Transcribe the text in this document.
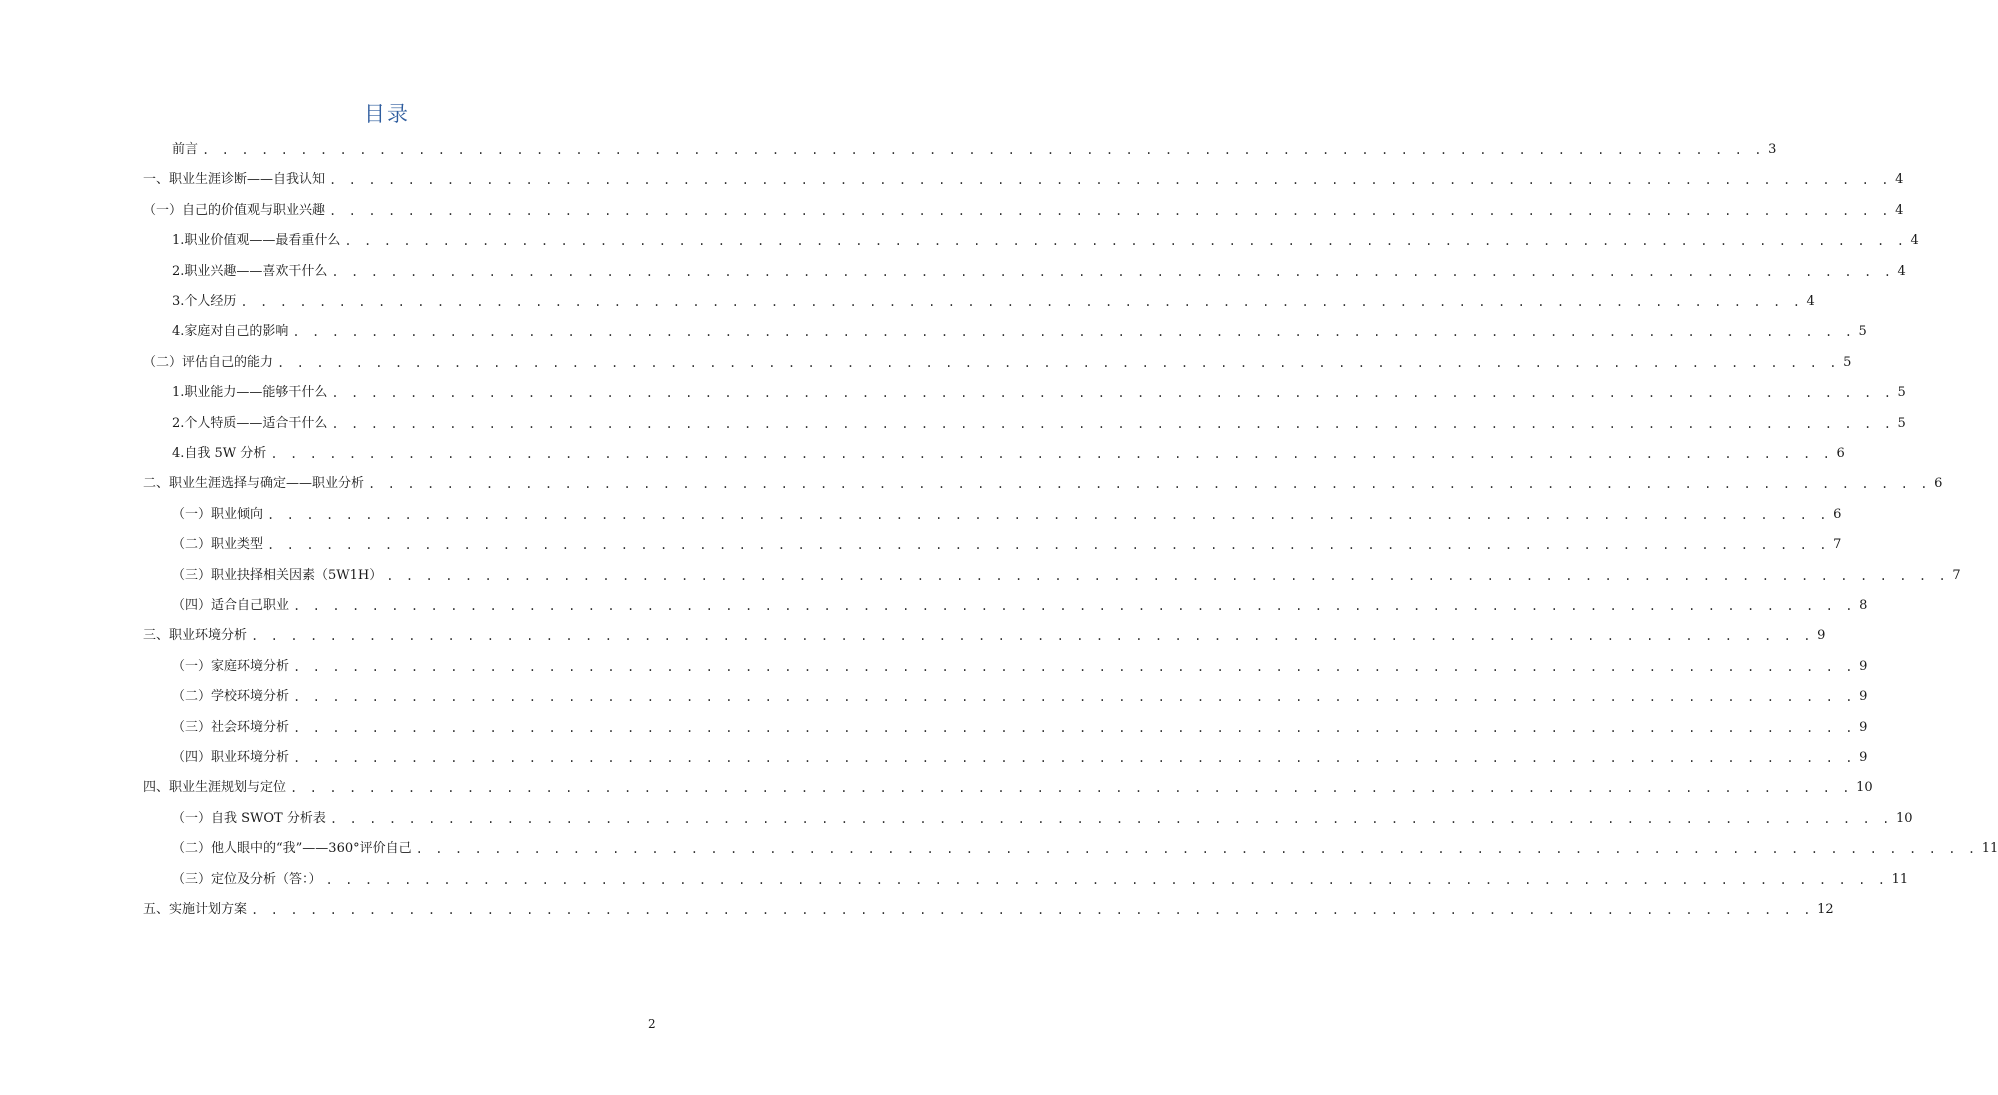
目录
前言 . . . . . . . . . . . . . . . . . . . . . . . . . . . . . . . . . . . . . . . . . . . . . . . . . . . . . . . . . . . . . . . . . . . . . . . . . . . . . . . . 3
一、职业生涯诊断——自我认知 . . . . . . . . . . . . . . . . . . . . . . . . . . . . . . . . . . . . . . . . . . . . . . . . . . . . . . . . . . . . . . . . . . . . . . . . . . . . . . . . 4
（一）自己的价值观与职业兴趣 . . . . . . . . . . . . . . . . . . . . . . . . . . . . . . . . . . . . . . . . . . . . . . . . . . . . . . . . . . . . . . . . . . . . . . . . . . . . . . . . 4
1.职业价值观——最看重什么 . . . . . . . . . . . . . . . . . . . . . . . . . . . . . . . . . . . . . . . . . . . . . . . . . . . . . . . . . . . . . . . . . . . . . . . . . . . . . . . . 4
2.职业兴趣——喜欢干什么 . . . . . . . . . . . . . . . . . . . . . . . . . . . . . . . . . . . . . . . . . . . . . . . . . . . . . . . . . . . . . . . . . . . . . . . . . . . . . . . . 4
3.个人经历 . . . . . . . . . . . . . . . . . . . . . . . . . . . . . . . . . . . . . . . . . . . . . . . . . . . . . . . . . . . . . . . . . . . . . . . . . . . . . . . . 4
4.家庭对自己的影响 . . . . . . . . . . . . . . . . . . . . . . . . . . . . . . . . . . . . . . . . . . . . . . . . . . . . . . . . . . . . . . . . . . . . . . . . . . . . . . . . 5
（二）评估自己的能力 . . . . . . . . . . . . . . . . . . . . . . . . . . . . . . . . . . . . . . . . . . . . . . . . . . . . . . . . . . . . . . . . . . . . . . . . . . . . . . . . 5
1.职业能力——能够干什么 . . . . . . . . . . . . . . . . . . . . . . . . . . . . . . . . . . . . . . . . . . . . . . . . . . . . . . . . . . . . . . . . . . . . . . . . . . . . . . . . 5
2.个人特质——适合干什么 . . . . . . . . . . . . . . . . . . . . . . . . . . . . . . . . . . . . . . . . . . . . . . . . . . . . . . . . . . . . . . . . . . . . . . . . . . . . . . . . 5
4.自我 5W 分析 . . . . . . . . . . . . . . . . . . . . . . . . . . . . . . . . . . . . . . . . . . . . . . . . . . . . . . . . . . . . . . . . . . . . . . . . . . . . . . . . 6
二、职业生涯选择与确定——职业分析 . . . . . . . . . . . . . . . . . . . . . . . . . . . . . . . . . . . . . . . . . . . . . . . . . . . . . . . . . . . . . . . . . . . . . . . . . . . . . . . . 6
（一）职业倾向 . . . . . . . . . . . . . . . . . . . . . . . . . . . . . . . . . . . . . . . . . . . . . . . . . . . . . . . . . . . . . . . . . . . . . . . . . . . . . . . . 6
（二）职业类型 . . . . . . . . . . . . . . . . . . . . . . . . . . . . . . . . . . . . . . . . . . . . . . . . . . . . . . . . . . . . . . . . . . . . . . . . . . . . . . . . 7
（三）职业抉择相关因素（5W1H） . . . . . . . . . . . . . . . . . . . . . . . . . . . . . . . . . . . . . . . . . . . . . . . . . . . . . . . . . . . . . . . . . . . . . . . . . . . . . . . . 7
（四）适合自己职业 . . . . . . . . . . . . . . . . . . . . . . . . . . . . . . . . . . . . . . . . . . . . . . . . . . . . . . . . . . . . . . . . . . . . . . . . . . . . . . . . 8
三、职业环境分析 . . . . . . . . . . . . . . . . . . . . . . . . . . . . . . . . . . . . . . . . . . . . . . . . . . . . . . . . . . . . . . . . . . . . . . . . . . . . . . . . 9
（一）家庭环境分析 . . . . . . . . . . . . . . . . . . . . . . . . . . . . . . . . . . . . . . . . . . . . . . . . . . . . . . . . . . . . . . . . . . . . . . . . . . . . . . . . 9
（二）学校环境分析 . . . . . . . . . . . . . . . . . . . . . . . . . . . . . . . . . . . . . . . . . . . . . . . . . . . . . . . . . . . . . . . . . . . . . . . . . . . . . . . . 9
（三）社会环境分析 . . . . . . . . . . . . . . . . . . . . . . . . . . . . . . . . . . . . . . . . . . . . . . . . . . . . . . . . . . . . . . . . . . . . . . . . . . . . . . . . 9
（四）职业环境分析 . . . . . . . . . . . . . . . . . . . . . . . . . . . . . . . . . . . . . . . . . . . . . . . . . . . . . . . . . . . . . . . . . . . . . . . . . . . . . . . . 9
四、职业生涯规划与定位 . . . . . . . . . . . . . . . . . . . . . . . . . . . . . . . . . . . . . . . . . . . . . . . . . . . . . . . . . . . . . . . . . . . . . . . . . . . . . . . . 10
（一）自我 SWOT 分析表 . . . . . . . . . . . . . . . . . . . . . . . . . . . . . . . . . . . . . . . . . . . . . . . . . . . . . . . . . . . . . . . . . . . . . . . . . . . . . . . . 10
（二）他人眼中的“我”——360°评价自己 . . . . . . . . . . . . . . . . . . . . . . . . . . . . . . . . . . . . . . . . . . . . . . . . . . . . . . . . . . . . . . . . . . . . . . . . . . . . . . . . 11
（三）定位及分析（答：） . . . . . . . . . . . . . . . . . . . . . . . . . . . . . . . . . . . . . . . . . . . . . . . . . . . . . . . . . . . . . . . . . . . . . . . . . . . . . . . . 11
五、实施计划方案 . . . . . . . . . . . . . . . . . . . . . . . . . . . . . . . . . . . . . . . . . . . . . . . . . . . . . . . . . . . . . . . . . . . . . . . . . . . . . . . . 12
2
